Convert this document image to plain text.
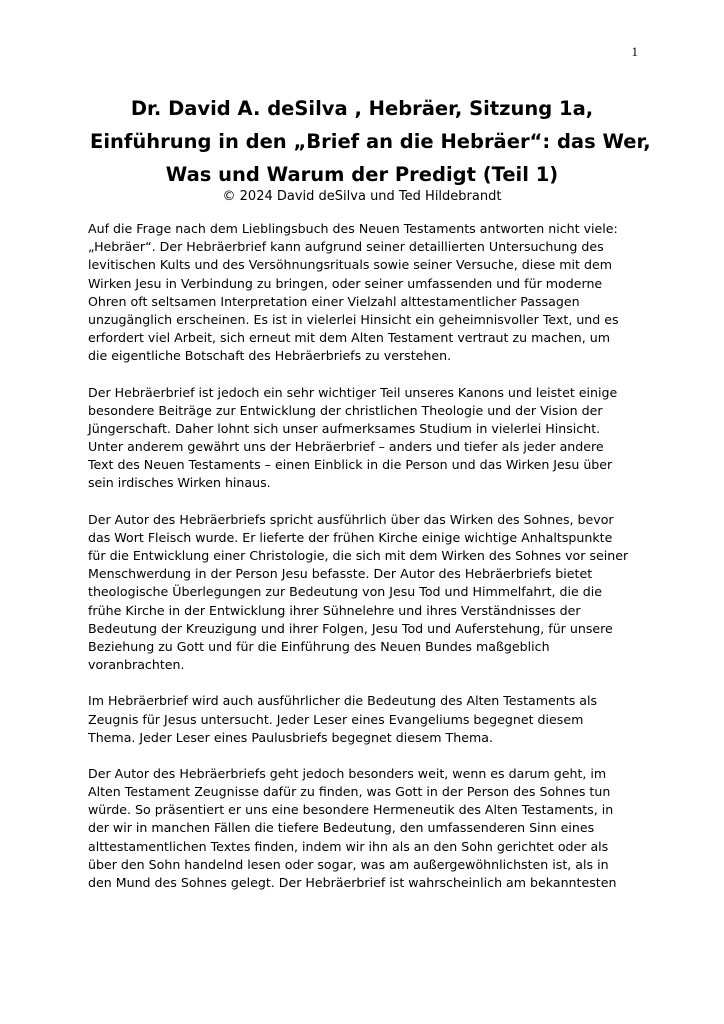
1
Dr. David A. deSilva , Hebräer, Sitzung 1a,
Einführung in den „Brief an die Hebräer“: das Wer,
Was und Warum der Predigt (Teil 1)
© 2024 David deSilva und Ted Hildebrandt

Auf die Frage nach dem Lieblingsbuch des Neuen Testaments antworten nicht viele:
„Hebräer“. Der Hebräerbrief kann aufgrund seiner detaillierten Untersuchung des
levitischen Kults und des Versöhnungsrituals sowie seiner Versuche, diese mit dem
Wirken Jesu in Verbindung zu bringen, oder seiner umfassenden und für moderne
Ohren oft seltsamen Interpretation einer Vielzahl alttestamentlicher Passagen
unzugänglich erscheinen. Es ist in vielerlei Hinsicht ein geheimnisvoller Text, und es
erfordert viel Arbeit, sich erneut mit dem Alten Testament vertraut zu machen, um
die eigentliche Botschaft des Hebräerbriefs zu verstehen.

Der Hebräerbrief ist jedoch ein sehr wichtiger Teil unseres Kanons und leistet einige
besondere Beiträge zur Entwicklung der christlichen Theologie und der Vision der
Jüngerschaft. Daher lohnt sich unser aufmerksames Studium in vielerlei Hinsicht.
Unter anderem gewährt uns der Hebräerbrief – anders und tiefer als jeder andere
Text des Neuen Testaments – einen Einblick in die Person und das Wirken Jesu über
sein irdisches Wirken hinaus.

Der Autor des Hebräerbriefs spricht ausführlich über das Wirken des Sohnes, bevor
das Wort Fleisch wurde. Er lieferte der frühen Kirche einige wichtige Anhaltspunkte
für die Entwicklung einer Christologie, die sich mit dem Wirken des Sohnes vor seiner
Menschwerdung in der Person Jesu befasste. Der Autor des Hebräerbriefs bietet
theologische Überlegungen zur Bedeutung von Jesu Tod und Himmelfahrt, die die
frühe Kirche in der Entwicklung ihrer Sühnelehre und ihres Verständnisses der
Bedeutung der Kreuzigung und ihrer Folgen, Jesu Tod und Auferstehung, für unsere
Beziehung zu Gott und für die Einführung des Neuen Bundes maßgeblich
voranbrachten.

Im Hebräerbrief wird auch ausführlicher die Bedeutung des Alten Testaments als
Zeugnis für Jesus untersucht. Jeder Leser eines Evangeliums begegnet diesem
Thema. Jeder Leser eines Paulusbriefs begegnet diesem Thema.

Der Autor des Hebräerbriefs geht jedoch besonders weit, wenn es darum geht, im
Alten Testament Zeugnisse dafür zu finden, was Gott in der Person des Sohnes tun
würde. So präsentiert er uns eine besondere Hermeneutik des Alten Testaments, in
der wir in manchen Fällen die tiefere Bedeutung, den umfassenderen Sinn eines
alttestamentlichen Textes finden, indem wir ihn als an den Sohn gerichtet oder als
über den Sohn handelnd lesen oder sogar, was am außergewöhnlichsten ist, als in
den Mund des Sohnes gelegt. Der Hebräerbrief ist wahrscheinlich am bekanntesten
